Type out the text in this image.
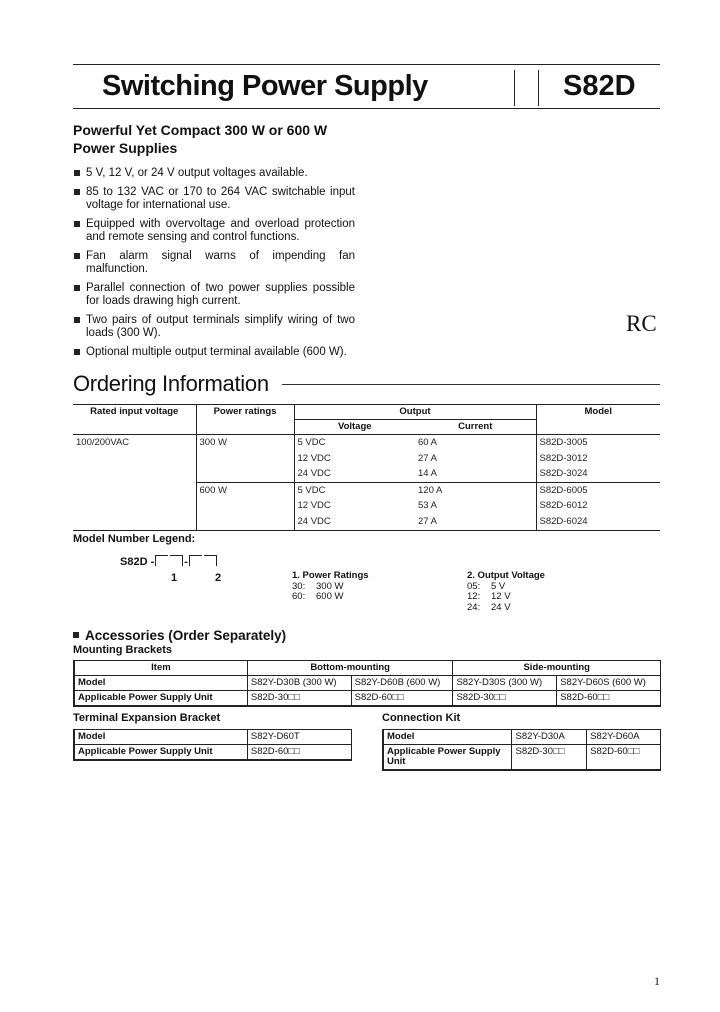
Switching Power Supply	S82D
Powerful Yet Compact 300 W or 600 W Power Supplies
5 V, 12 V, or 24 V output voltages available.
85 to 132 VAC or 170 to 264 VAC switchable input voltage for international use.
Equipped with overvoltage and overload protection and remote sensing and control functions.
Fan alarm signal warns of impending fan malfunction.
Parallel connection of two power supplies possible for loads drawing high current.
Two pairs of output terminals simplify wiring of two loads (300 W).
Optional multiple output terminal available (600 W).
RC
Ordering Information
Rated input voltage	Power ratings	Output		Model
		Voltage	Current	
100/200VAC	300 W	5 VDC	60 A	S82D-3005
		12 VDC	27 A	S82D-3012
		24 VDC	14 A	S82D-3024
	600 W	5 VDC	120 A	S82D-6005
		12 VDC	53 A	S82D-6012
		24 VDC	27 A	S82D-6024
Model Number Legend:
S82D -	-
1	2	1. Power Ratings
30: 300 W
60: 600 W
2. Output Voltage
05: 5 V
12: 12 V
24: 24 V
Accessories (Order Separately)
Mounting Brackets
Item	Bottom-mounting		Side-mounting	
Model	S82Y-D30B (300 W)	S82Y-D60B (600 W)	S82Y-D30S (300 W)	S82Y-D60S (600 W)
Applicable Power Supply Unit	S82D-30□□	S82D-60□□	S82D-30□□	S82D-60□□
Terminal Expansion Bracket
Model	S82Y-D60T
Applicable Power Supply Unit	S82D-60□□
Connection Kit
Model	S82Y-D30A	S82Y-D60A
Applicable Power Supply Unit	S82D-30□□	S82D-60□□
1
